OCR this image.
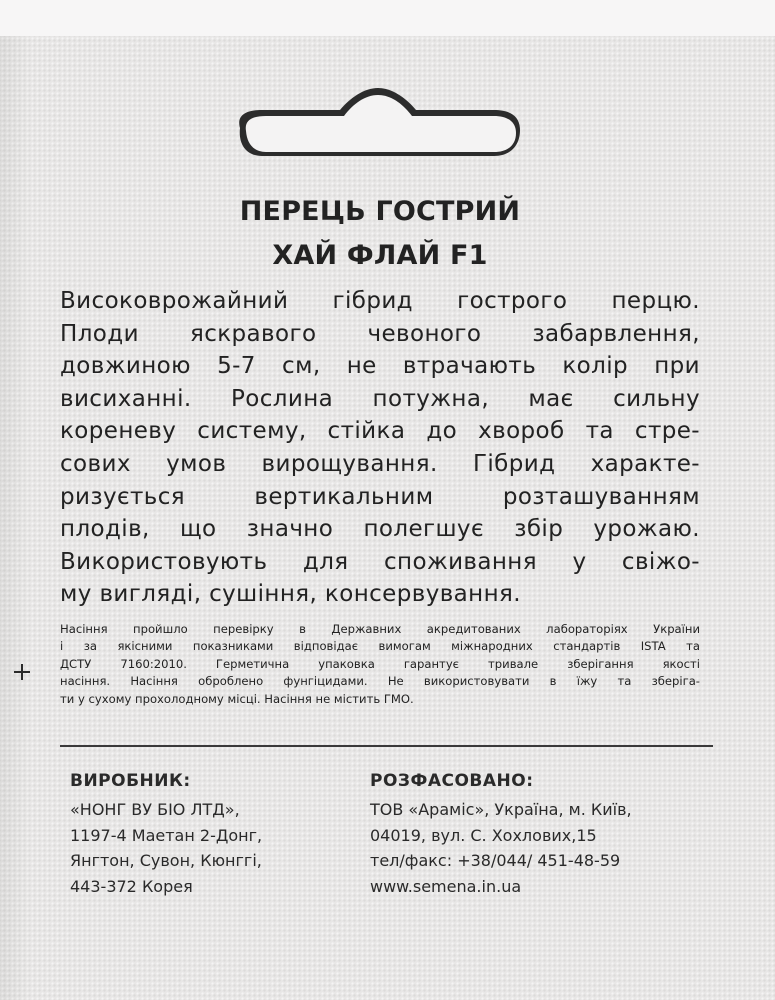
ПЕРЕЦЬ ГОСТРИЙ
ХАЙ ФЛАЙ F1
Високоврожайний гібрид гострого перцю.
Плоди яскравого чевоного забарвлення,
довжиною 5-7 см, не втрачають колір при
висиханні. Рослина потужна, має сильну
кореневу систему, стійка до хвороб та стре-
сових умов вирощування. Гібрид характе-
ризується вертикальним розташуванням
плодів, що значно полегшує збір урожаю.
Використовують для споживання у свіжо-
му вигляді, сушіння, консервування.
Насіння пройшло перевірку в Державних акредитованих лабораторіях України
і за якісними показниками відповідає вимогам міжнародних стандартів ISTA та
ДСТУ 7160:2010. Герметична упаковка гарантує тривале зберігання якості
насіння. Насіння оброблено фунгіцидами. Не використовувати в їжу та зберіга-
ти у сухому прохолодному місці. Насіння не містить ГМО.
ВИРОБНИК:
«НОНГ ВУ БІО ЛТД»,
1197-4 Маетан 2-Донг,
Янгтон, Сувон, Кюнггі,
443-372 Корея
РОЗФАСОВАНО:
ТОВ «Араміс», Україна, м. Київ,
04019, вул. С. Хохлових,15
тел/факс: +38/044/ 451-48-59
www.semena.in.ua
